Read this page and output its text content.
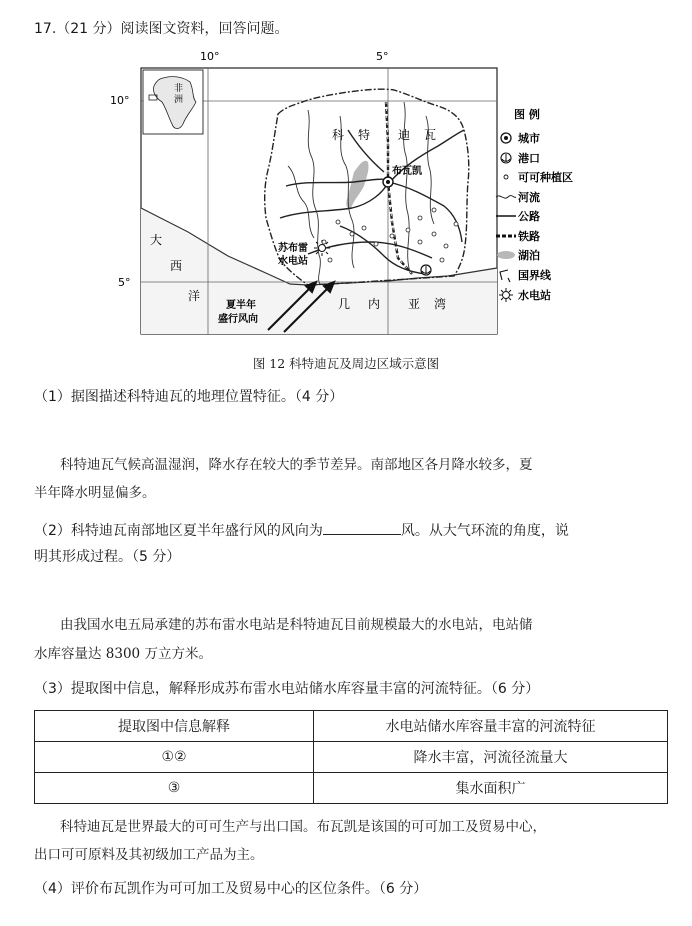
17.（21 分）阅读图文资料，回答问题。
10°	5°
10°
5°
非
洲
布瓦凯
苏布雷
水电站
科 特 迪 瓦
大
西
洋
几 内 亚 湾
夏半年
盛行风向
图 例
城市
港口
可可种植区
河流
公路
铁路
湖泊
国界线
水电站
图 12 科特迪瓦及周边区域示意图
（1）据图描述科特迪瓦的地理位置特征。（4 分）
科特迪瓦气候高温湿润，降水存在较大的季节差异。南部地区各月降水较多，夏
半年降水明显偏多。
（2）科特迪瓦南部地区夏半年盛行风的风向为	风。从大气环流的角度，说
明其形成过程。（5 分）
由我国水电五局承建的苏布雷水电站是科特迪瓦目前规模最大的水电站，电站储
水库容量达 8300 万立方米。
（3）提取图中信息，解释形成苏布雷水电站储水库容量丰富的河流特征。（6 分）
提取图中信息解释	水电站储水库容量丰富的河流特征
①②	降水丰富，河流径流量大
③	集水面积广
科特迪瓦是世界最大的可可生产与出口国。布瓦凯是该国的可可加工及贸易中心，
出口可可原料及其初级加工产品为主。
（4）评价布瓦凯作为可可加工及贸易中心的区位条件。（6 分）
